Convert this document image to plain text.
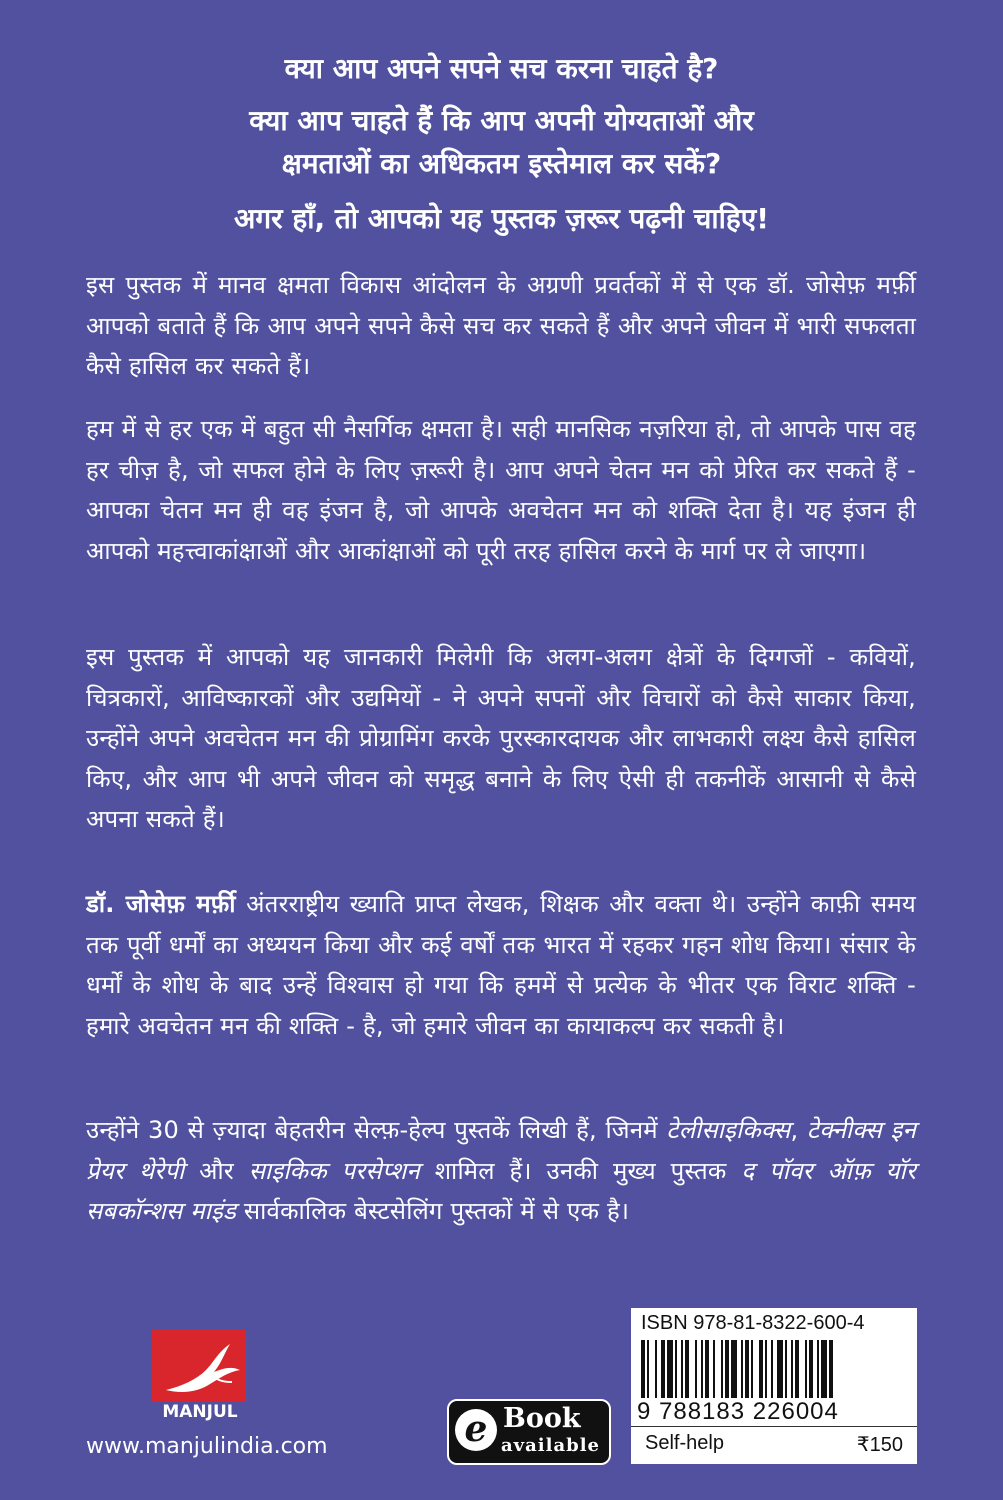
क्या आप अपने सपने सच करना चाहते है?

क्या आप चाहते हैं कि आप अपनी योग्यताओं और

क्षमताओं का अधिकतम इस्तेमाल कर सकें?

अगर हाँ, तो आपको यह पुस्तक ज़रूर पढ़नी चाहिए!

इस पुस्तक में मानव क्षमता विकास आंदोलन के अग्रणी प्रवर्तकों में से एक डॉ. जोसेफ़ मर्फ़ी आपको बताते हैं कि आप अपने सपने कैसे सच कर सकते हैं और अपने जीवन में भारी सफलता कैसे हासिल कर सकते हैं।

हम में से हर एक में बहुत सी नैसर्गिक क्षमता है। सही मानसिक नज़रिया हो, तो आपके पास वह हर चीज़ है, जो सफल होने के लिए ज़रूरी है। आप अपने चेतन मन को प्रेरित कर सकते हैं - आपका चेतन मन ही वह इंजन है, जो आपके अवचेतन मन को शक्ति देता है। यह इंजन ही आपको महत्त्वाकांक्षाओं और आकांक्षाओं को पूरी तरह हासिल करने के मार्ग पर ले जाएगा।

इस पुस्तक में आपको यह जानकारी मिलेगी कि अलग-अलग क्षेत्रों के दिग्गजों - कवियों, चित्रकारों, आविष्कारकों और उद्यमियों - ने अपने सपनों और विचारों को कैसे साकार किया, उन्होंने अपने अवचेतन मन की प्रोग्रामिंग करके पुरस्कारदायक और लाभकारी लक्ष्य कैसे हासिल किए, और आप भी अपने जीवन को समृद्ध बनाने के लिए ऐसी ही तकनीकें आसानी से कैसे अपना सकते हैं।

डॉ. जोसेफ़ मर्फ़ी अंतरराष्ट्रीय ख्याति प्राप्त लेखक, शिक्षक और वक्ता थे। उन्होंने काफ़ी समय तक पूर्वी धर्मों का अध्ययन किया और कई वर्षों तक भारत में रहकर गहन शोध किया। संसार के धर्मों के शोध के बाद उन्हें विश्वास हो गया कि हममें से प्रत्येक के भीतर एक विराट शक्ति - हमारे अवचेतन मन की शक्ति - है, जो हमारे जीवन का कायाकल्प कर सकती है।

उन्होंने 30 से ज़्यादा बेहतरीन सेल्फ़-हेल्प पुस्तकें लिखी हैं, जिनमें टेलीसाइकिक्स, टेक्नीक्स इन प्रेयर थेरेपी और साइकिक परसेप्शन शामिल हैं। उनकी मुख्य पुस्तक द पॉवर ऑफ़ यॉर सबकॉन्शस माइंड सार्वकालिक बेस्टसेलिंग पुस्तकों में से एक है।

MANJUL
www.manjulindia.com	e Book
available
ISBN 978-81-8322-600-4
9 788183 226004
Self-help	₹150
